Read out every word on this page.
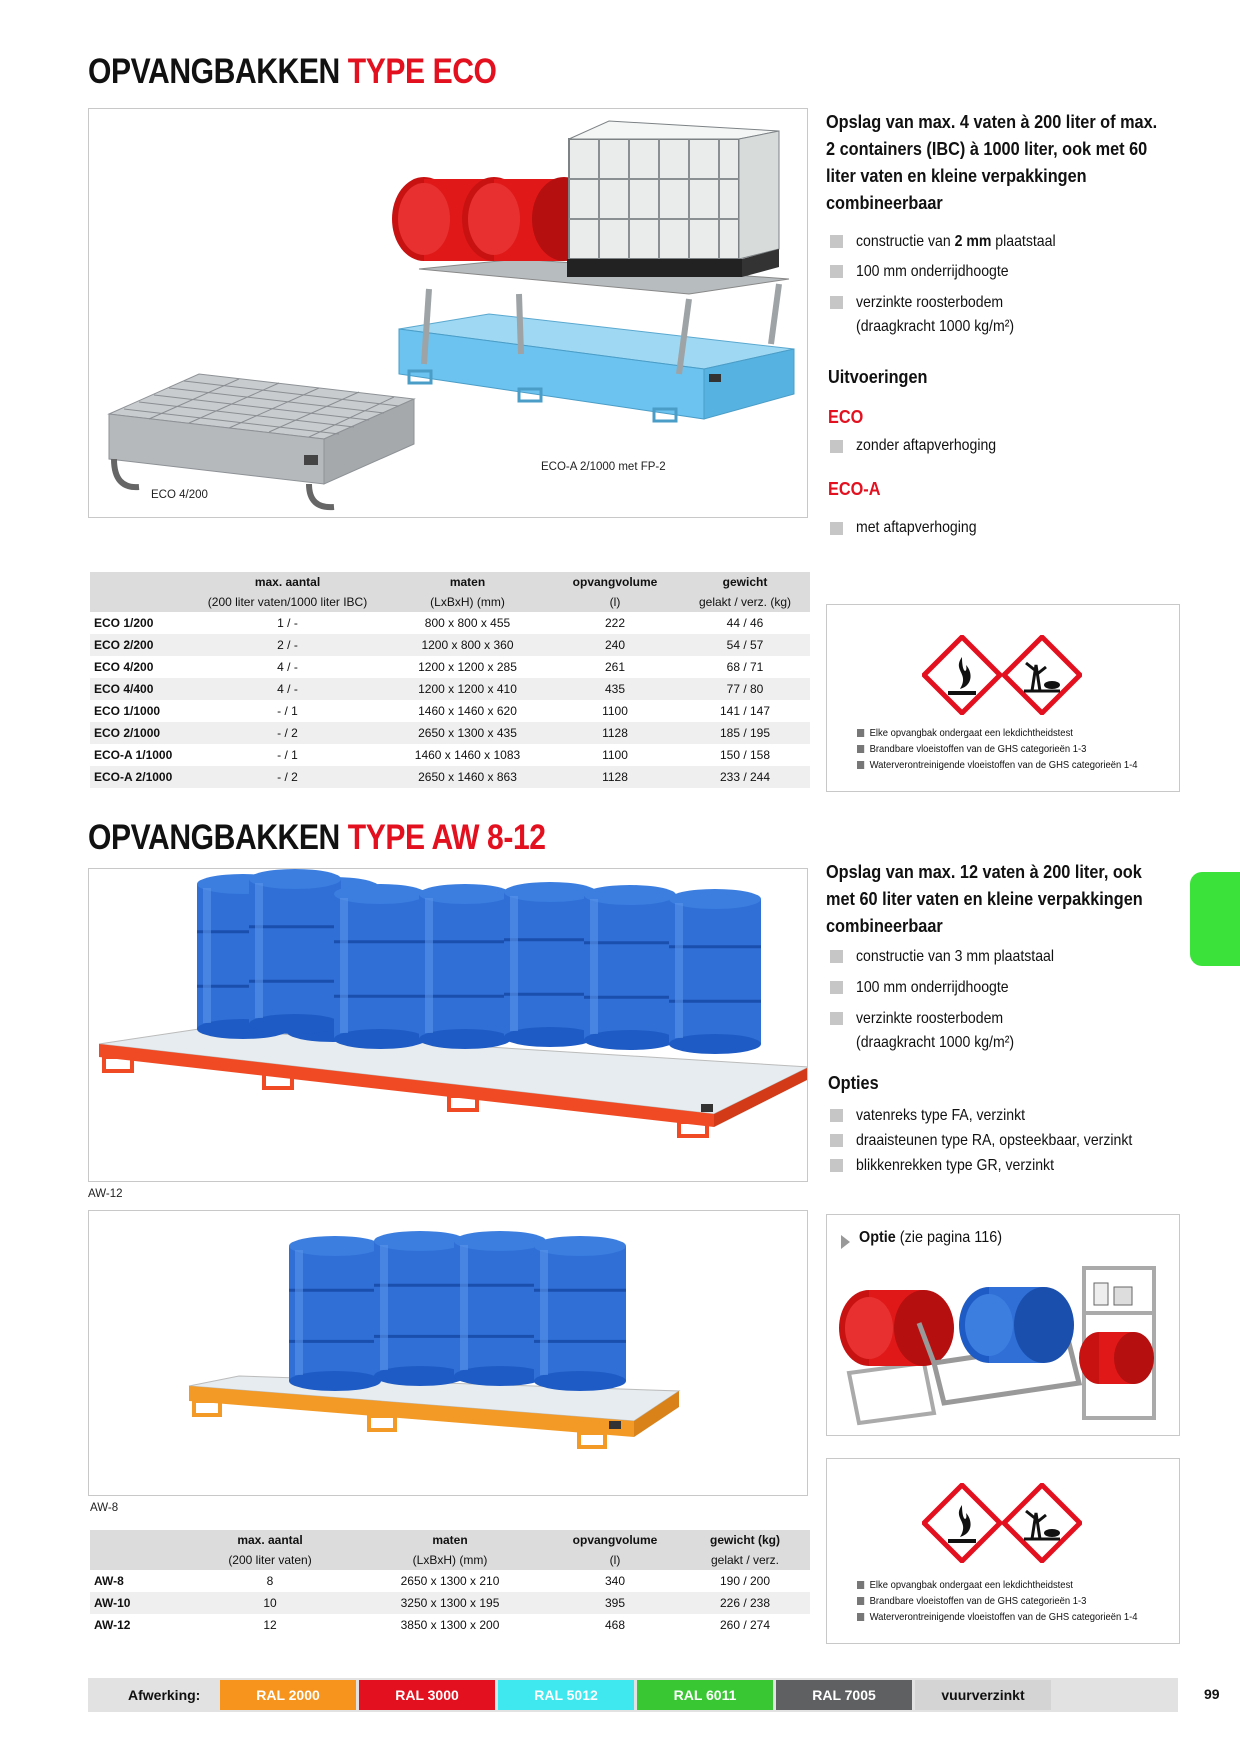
OPVANGBAKKEN TYPE ECO
ECO 4/200
ECO-A 2/1000 met FP-2
Opslag van max. 4 vaten à 200 liter of max. 2 containers (IBC) à 1000 liter, ook met 60 liter vaten en kleine verpakkingen combineerbaar
constructie van 2 mm plaatstaal
100 mm onderrijdhoogte
verzinkte roosterbodem
(draagkracht 1000 kg/m²)
Uitvoeringen
ECO
zonder aftapverhoging
ECO-A
met aftapverhoging
	max. aantal	maten	opvangvolume	gewicht
	(200 liter vaten/1000 liter IBC)	(LxBxH) (mm)	(l)	gelakt / verz. (kg)
ECO 1/200	1 / -	800 x 800 x 455	222	44 / 46
ECO 2/200	2 / -	1200 x 800 x 360	240	54 / 57
ECO 4/200	4 / -	1200 x 1200 x 285	261	68 / 71
ECO 4/400	4 / -	1200 x 1200 x 410	435	77 / 80
ECO 1/1000	- / 1	1460 x 1460 x 620	1100	141 / 147
ECO 2/1000	- / 2	2650 x 1300 x 435	1128	185 / 195
ECO-A 1/1000	- / 1	1460 x 1460 x 1083	1100	150 / 158
ECO-A 2/1000	- / 2	2650 x 1460 x 863	1128	233 / 244
Elke opvangbak ondergaat een lekdichtheidstest
Brandbare vloeistoffen van de GHS categorieën 1-3
Waterverontreinigende vloeistoffen van de GHS categorieën 1-4
OPVANGBAKKEN TYPE AW 8-12
AW-12
Opslag van max. 12 vaten à 200 liter, ook met 60 liter vaten en kleine verpakkingen combineerbaar
constructie van 3 mm plaatstaal
100 mm onderrijdhoogte
verzinkte roosterbodem
(draagkracht 1000 kg/m²)
Opties
vatenreks type FA, verzinkt
draaisteunen type RA, opsteekbaar, verzinkt
blikkenrekken type GR, verzinkt
AW-8
Optie (zie pagina 116)
	max. aantal	maten	opvangvolume	gewicht (kg)
	(200 liter vaten)	(LxBxH) (mm)	(l)	gelakt / verz.
AW-8	8	2650 x 1300 x 210	340	190 / 200
AW-10	10	3250 x 1300 x 195	395	226 / 238
AW-12	12	3850 x 1300 x 200	468	260 / 274
Elke opvangbak ondergaat een lekdichtheidstest
Brandbare vloeistoffen van de GHS categorieën 1-3
Waterverontreinigende vloeistoffen van de GHS categorieën 1-4
Afwerking:	RAL 2000	RAL 3000	RAL 5012	RAL 6011	RAL 7005	vuurverzinkt	99
